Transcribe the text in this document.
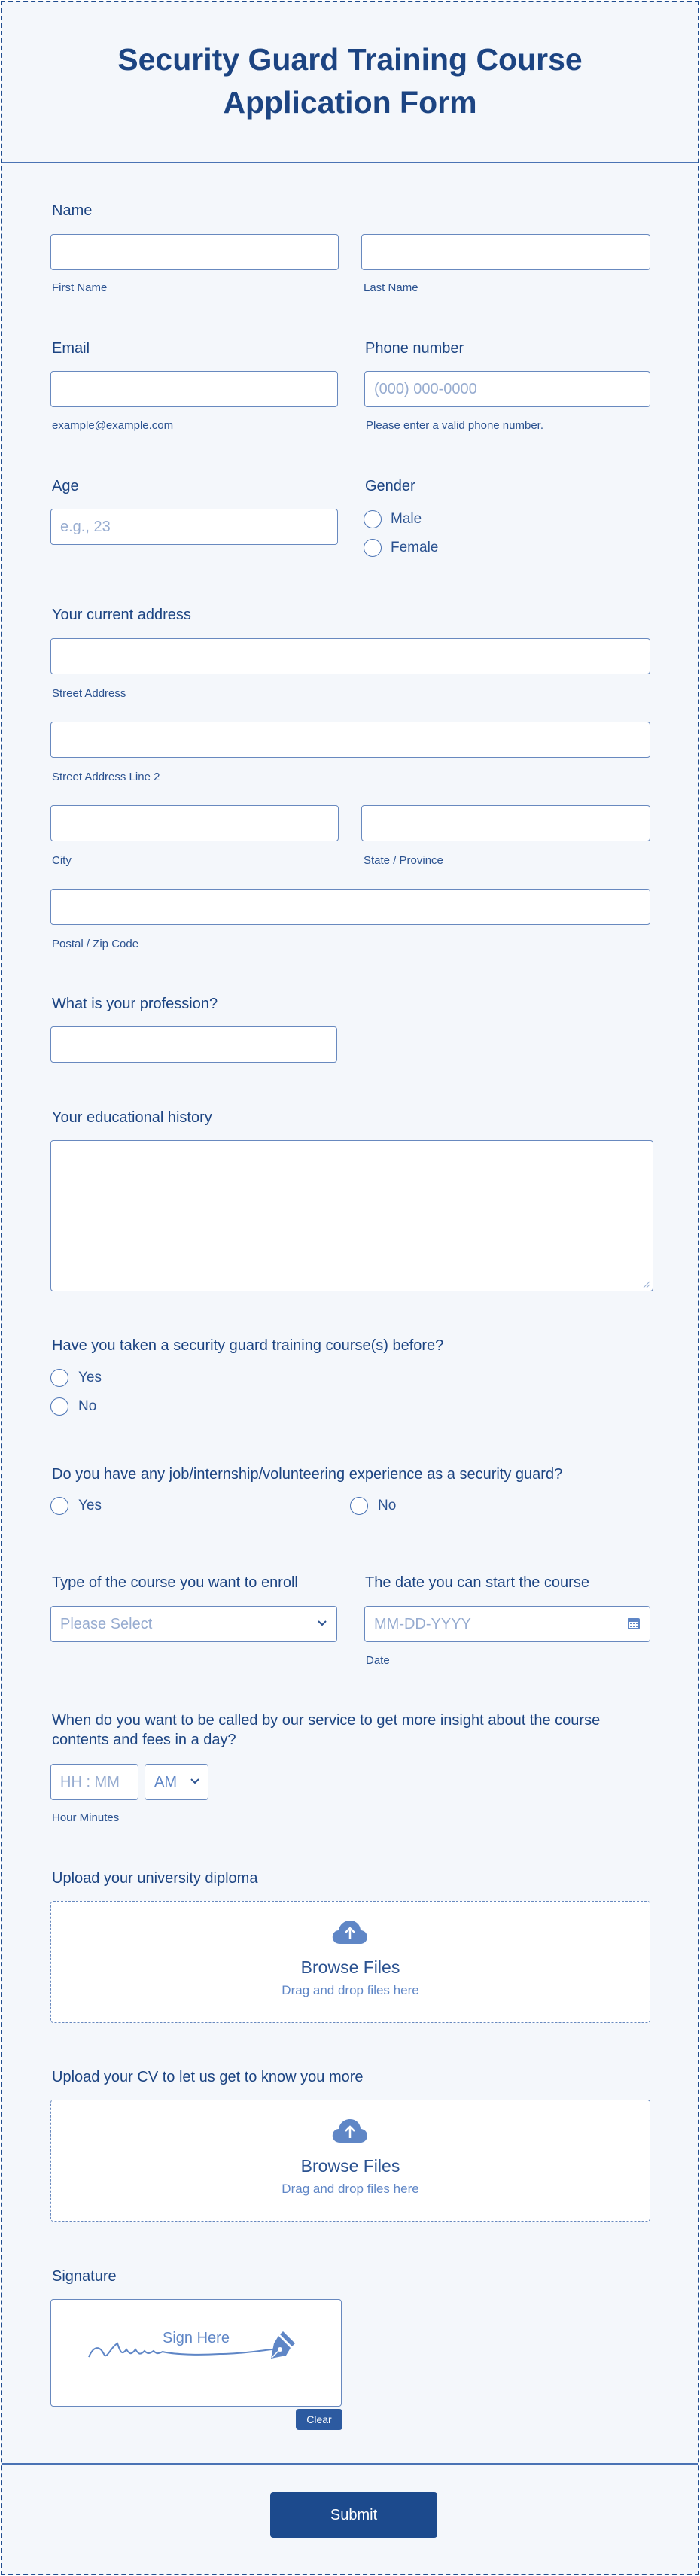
Security Guard Training Course
Application Form
Name
First Name	Last Name
Email
example@example.com
Phone number
(000) 000-0000
Please enter a valid phone number.
Age
e.g., 23
Gender
Male
Female
Your current address
Street Address
Street Address Line 2
City	State / Province
Postal / Zip Code
What is your profession?
Your educational history
Have you taken a security guard training course(s) before?
Yes
No
Do you have any job/internship/volunteering experience as a security guard?
Yes	No
Type of the course you want to enroll
Please Select
The date you can start the course
MM-DD-YYYY
Date
When do you want to be called by our service to get more insight about the course
contents and fees in a day?
HH : MM AM
Hour Minutes
Upload your university diploma
Browse Files
Drag and drop files here
Upload your CV to let us get to know you more
Browse Files
Drag and drop files here
Signature
Sign Here
Clear
Submit
